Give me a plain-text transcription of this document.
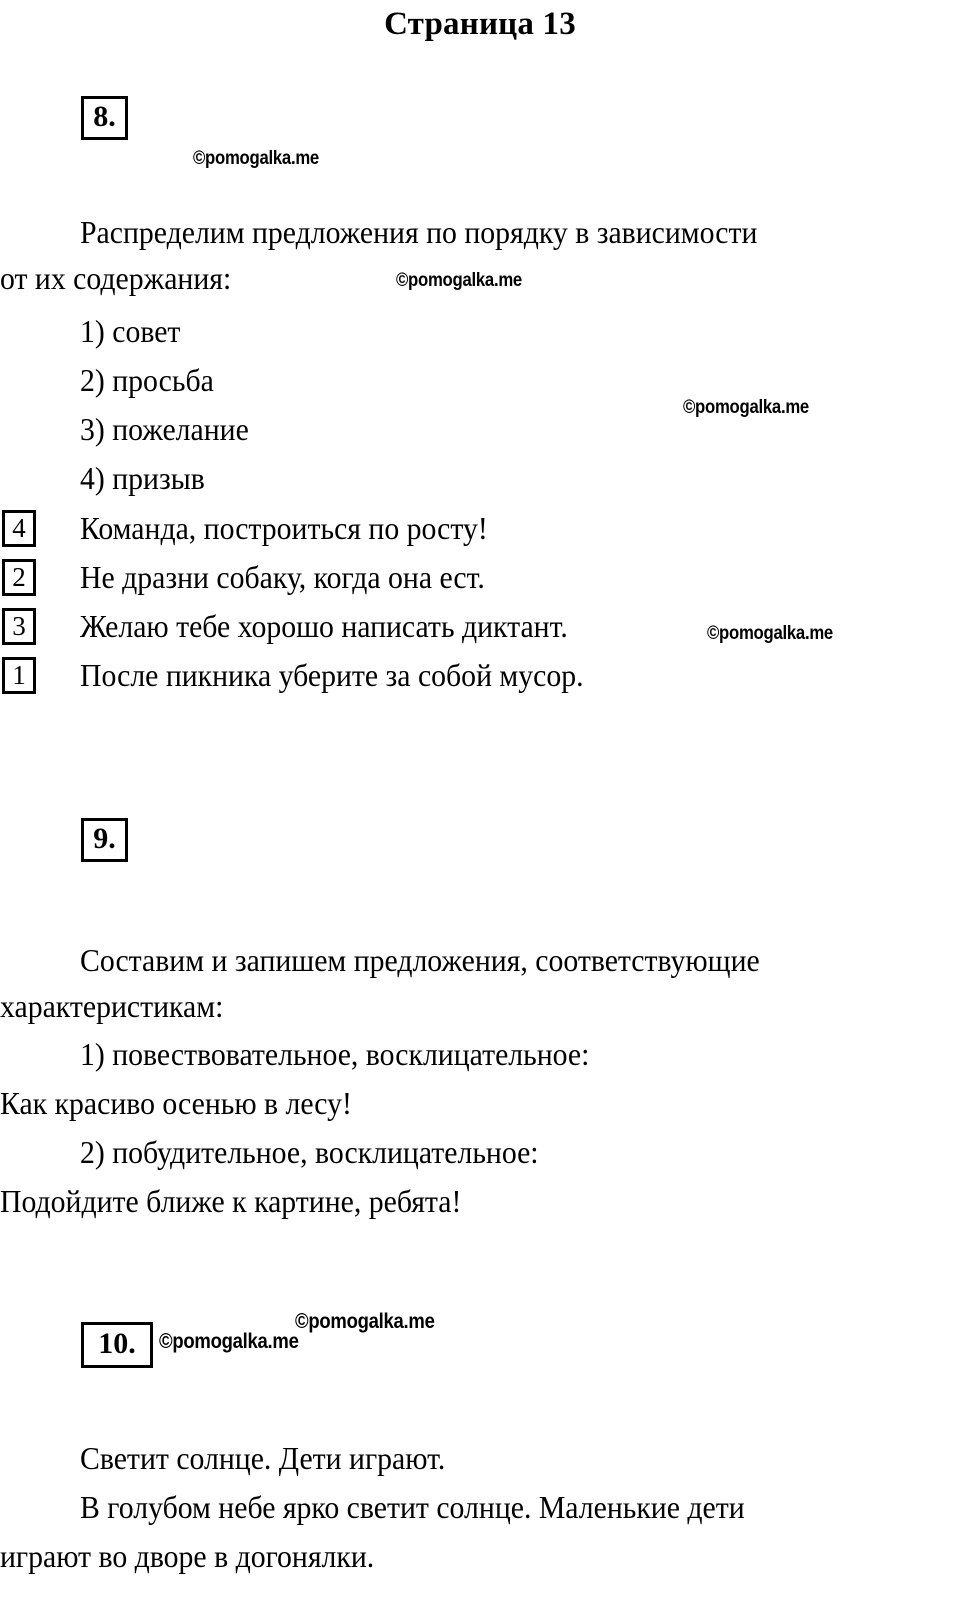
Страница 13
8.
Распределим предложения по порядку в зависимости
от их содержания:
1) совет
2) просьба
3) пожелание
4) призыв
4	Команда, построиться по росту!
2	Не дразни собаку, когда она ест.
3	Желаю тебе хорошо написать диктант.
1	После пикника уберите за собой мусор.
9.
Составим и запишем предложения, соответствующие
характеристикам:
1) повествовательное, восклицательное:
Как красиво осенью в лесу!
2) побудительное, восклицательное:
Подойдите ближе к картине, ребята!
10.
Светит солнце. Дети играют.
В голубом небе ярко светит солнце. Маленькие дети
играют во дворе в догонялки.
©pomogalka.me
©pomogalka.me
©pomogalka.me
©pomogalka.me
©pomogalka.me
©pomogalka.me
